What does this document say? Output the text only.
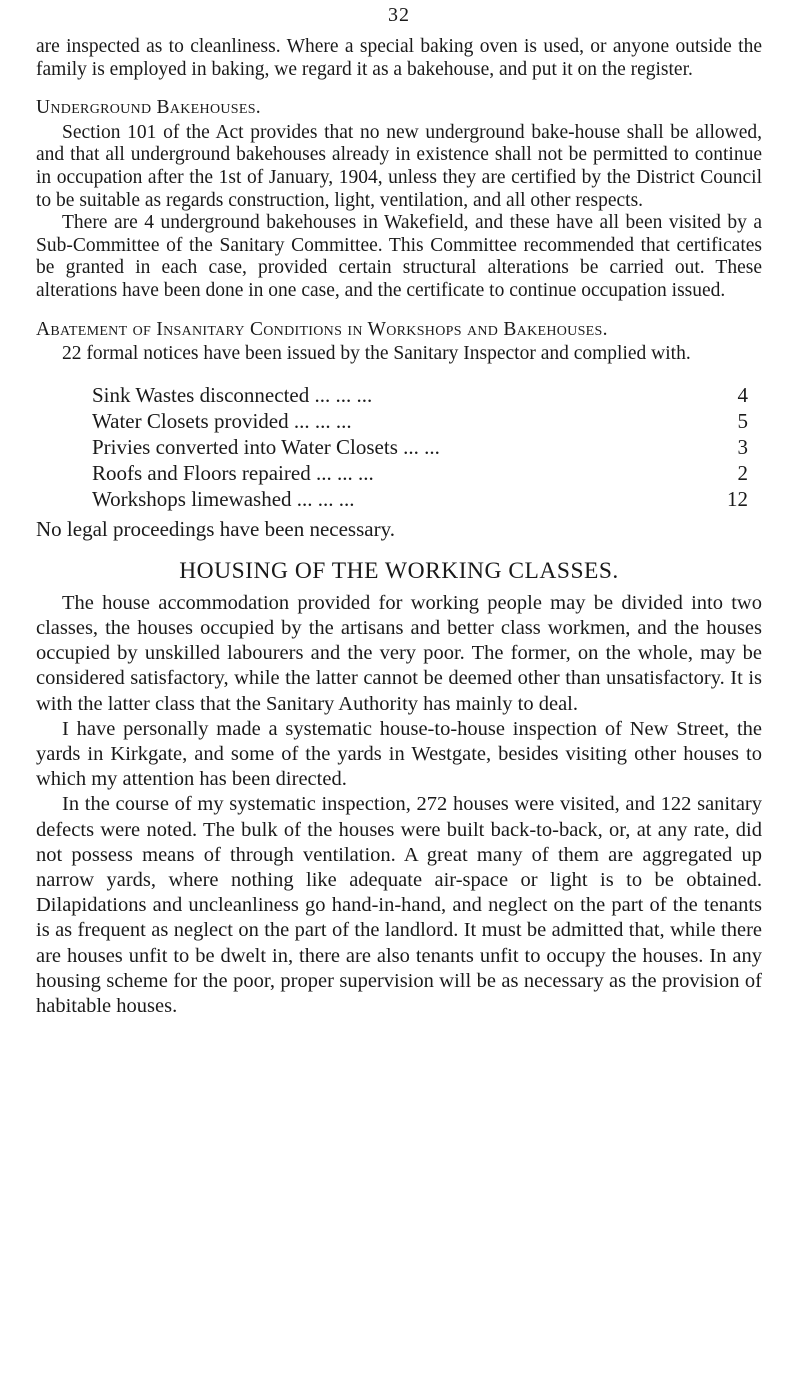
32

are inspected as to cleanliness. Where a special baking oven is used, or anyone outside the family is employed in baking, we regard it as a bakehouse, and put it on the register.

Underground Bakehouses.

Section 101 of the Act provides that no new underground bake-house shall be allowed, and that all underground bakehouses already in existence shall not be permitted to continue in occupation after the 1st of January, 1904, unless they are certified by the District Council to be suitable as regards construction, light, ventilation, and all other respects.

There are 4 underground bakehouses in Wakefield, and these have all been visited by a Sub-Committee of the Sanitary Committee. This Committee recommended that certificates be granted in each case, provided certain structural alterations be carried out. These alterations have been done in one case, and the certificate to continue occupation issued.

Abatement of Insanitary Conditions in Workshops and Bakehouses.

22 formal notices have been issued by the Sanitary Inspector and complied with.

Sink Wastes disconnected ... ... ...	4
Water Closets provided ... ... ...	5
Privies converted into Water Closets ... ...	3
Roofs and Floors repaired ... ... ...	2
Workshops limewashed ... ... ...	12
No legal proceedings have been necessary.
HOUSING OF THE WORKING CLASSES.

The house accommodation provided for working people may be divided into two classes, the houses occupied by the artisans and better class workmen, and the houses occupied by unskilled labourers and the very poor. The former, on the whole, may be considered satisfactory, while the latter cannot be deemed other than unsatisfactory. It is with the latter class that the Sanitary Authority has mainly to deal.

I have personally made a systematic house-to-house inspection of New Street, the yards in Kirkgate, and some of the yards in Westgate, besides visiting other houses to which my attention has been directed.

In the course of my systematic inspection, 272 houses were visited, and 122 sanitary defects were noted. The bulk of the houses were built back-to-back, or, at any rate, did not possess means of through ventilation. A great many of them are aggregated up narrow yards, where nothing like adequate air-space or light is to be obtained. Dilapidations and uncleanliness go hand-in-hand, and neglect on the part of the tenants is as frequent as neglect on the part of the landlord. It must be admitted that, while there are houses unfit to be dwelt in, there are also tenants unfit to occupy the houses. In any housing scheme for the poor, proper supervision will be as necessary as the provision of habitable houses.
